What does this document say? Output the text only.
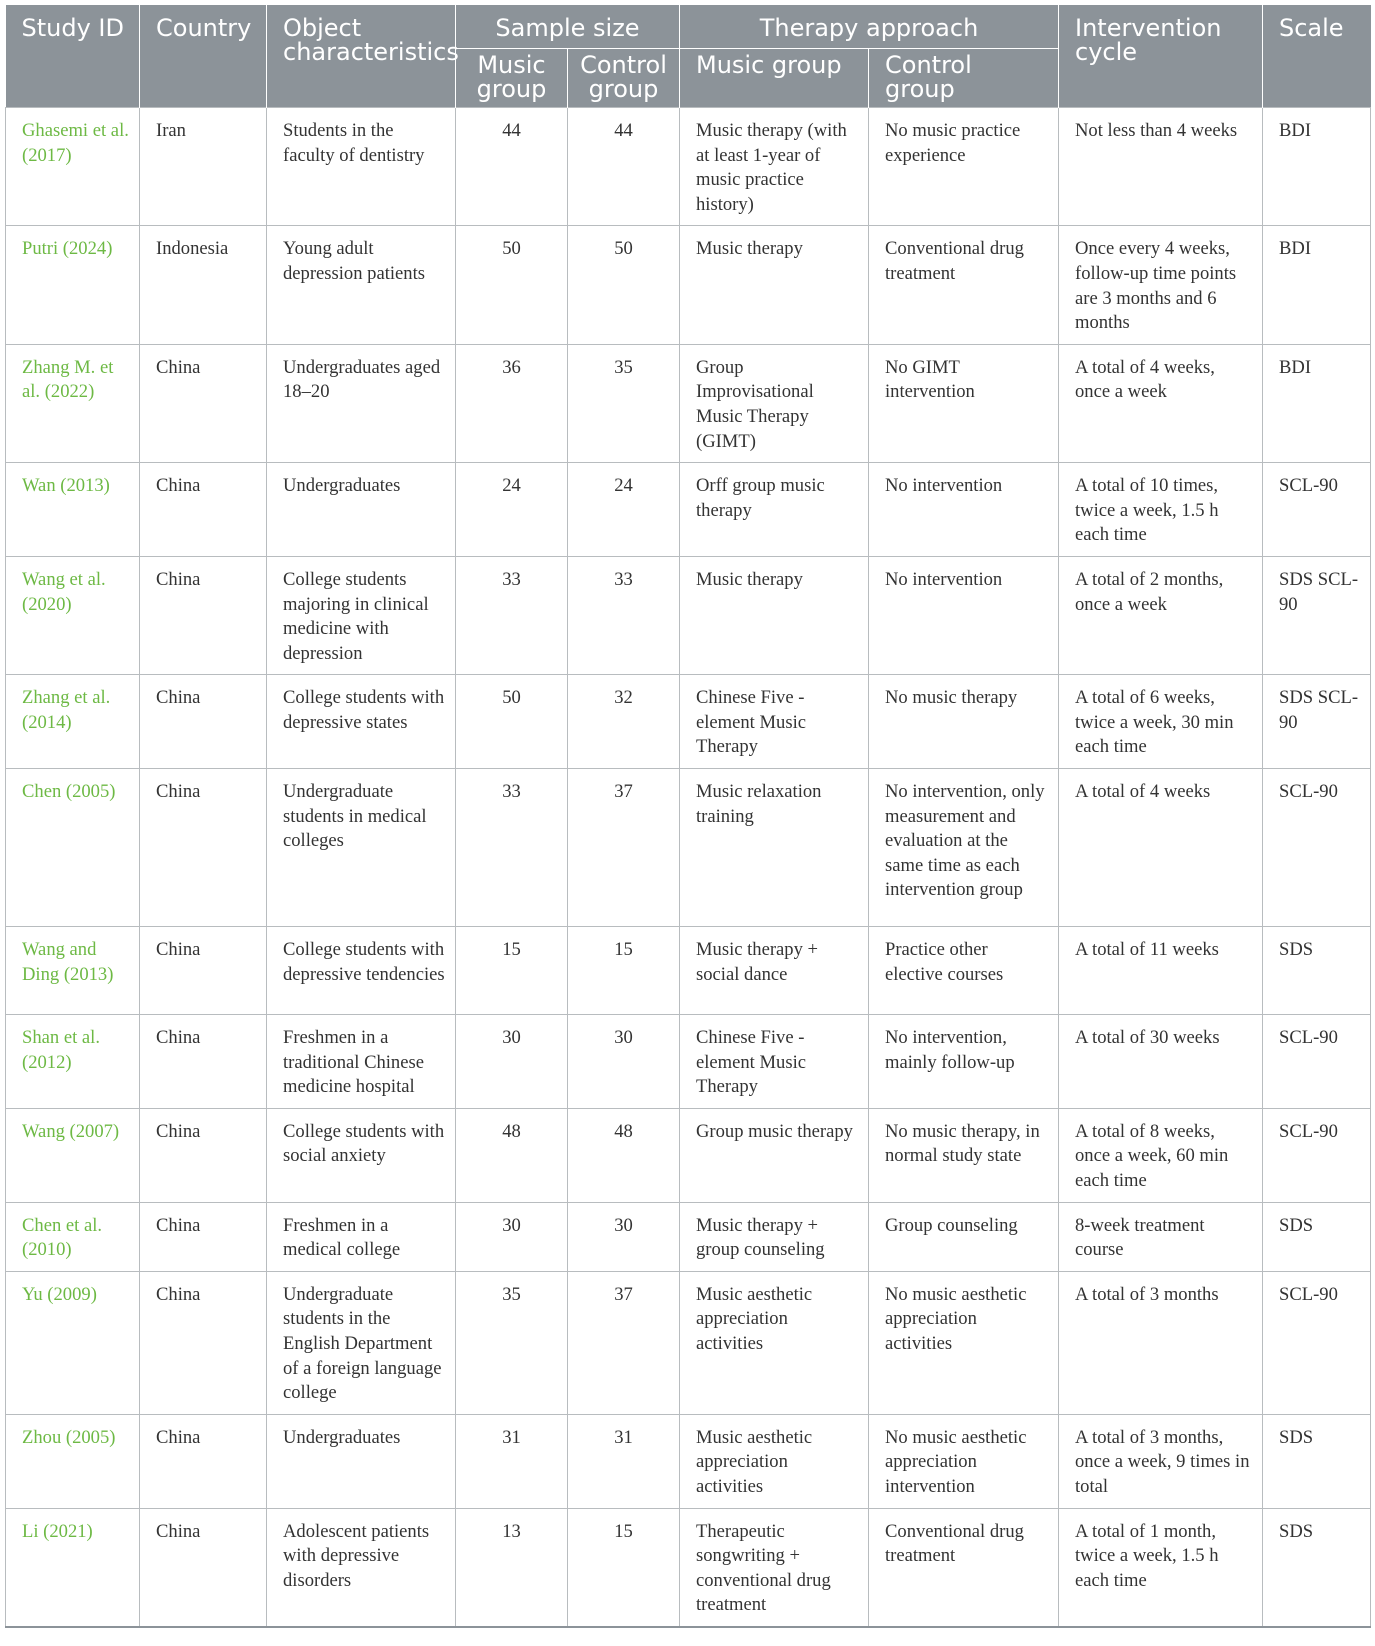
Study ID	Country	Object characteristics	Sample size		Therapy approach		Intervention cycle	Scale
			Music group	Control group	Music group	Control group		
Ghasemi et al. (2017)	Iran	Students in the faculty of dentistry	44	44	Music therapy (with at least 1-year of music practice history)	No music practice experience	Not less than 4 weeks	BDI
Putri (2024)	Indonesia	Young adult depression patients	50	50	Music therapy	Conventional drug treatment	Once every 4 weeks, follow-up time points are 3 months and 6 months	BDI
Zhang M. et al. (2022)	China	Undergraduates aged 18–20	36	35	Group Improvisational Music Therapy (GIMT)	No GIMT intervention	A total of 4 weeks, once a week	BDI
Wan (2013)	China	Undergraduates	24	24	Orff group music therapy	No intervention	A total of 10 times, twice a week, 1.5 h each time	SCL-90
Wang et al. (2020)	China	College students majoring in clinical medicine with depression	33	33	Music therapy	No intervention	A total of 2 months, once a week	SDS SCL-90
Zhang et al. (2014)	China	College students with depressive states	50	32	Chinese Five - element Music Therapy	No music therapy	A total of 6 weeks, twice a week, 30 min each time	SDS SCL-90
Chen (2005)	China	Undergraduate students in medical colleges	33	37	Music relaxation training	No intervention, only measurement and evaluation at the same time as each intervention group	A total of 4 weeks	SCL-90
Wang and Ding (2013)	China	College students with depressive tendencies	15	15	Music therapy + social dance	Practice other elective courses	A total of 11 weeks	SDS
Shan et al. (2012)	China	Freshmen in a traditional Chinese medicine hospital	30	30	Chinese Five - element Music Therapy	No intervention, mainly follow-up	A total of 30 weeks	SCL-90
Wang (2007)	China	College students with social anxiety	48	48	Group music therapy	No music therapy, in normal study state	A total of 8 weeks, once a week, 60 min each time	SCL-90
Chen et al. (2010)	China	Freshmen in a medical college	30	30	Music therapy + group counseling	Group counseling	8-week treatment course	SDS
Yu (2009)	China	Undergraduate students in the English Department of a foreign language college	35	37	Music aesthetic appreciation activities	No music aesthetic appreciation activities	A total of 3 months	SCL-90
Zhou (2005)	China	Undergraduates	31	31	Music aesthetic appreciation activities	No music aesthetic appreciation intervention	A total of 3 months, once a week, 9 times in total	SDS
Li (2021)	China	Adolescent patients with depressive disorders	13	15	Therapeutic songwriting + conventional drug treatment	Conventional drug treatment	A total of 1 month, twice a week, 1.5 h each time	SDS
